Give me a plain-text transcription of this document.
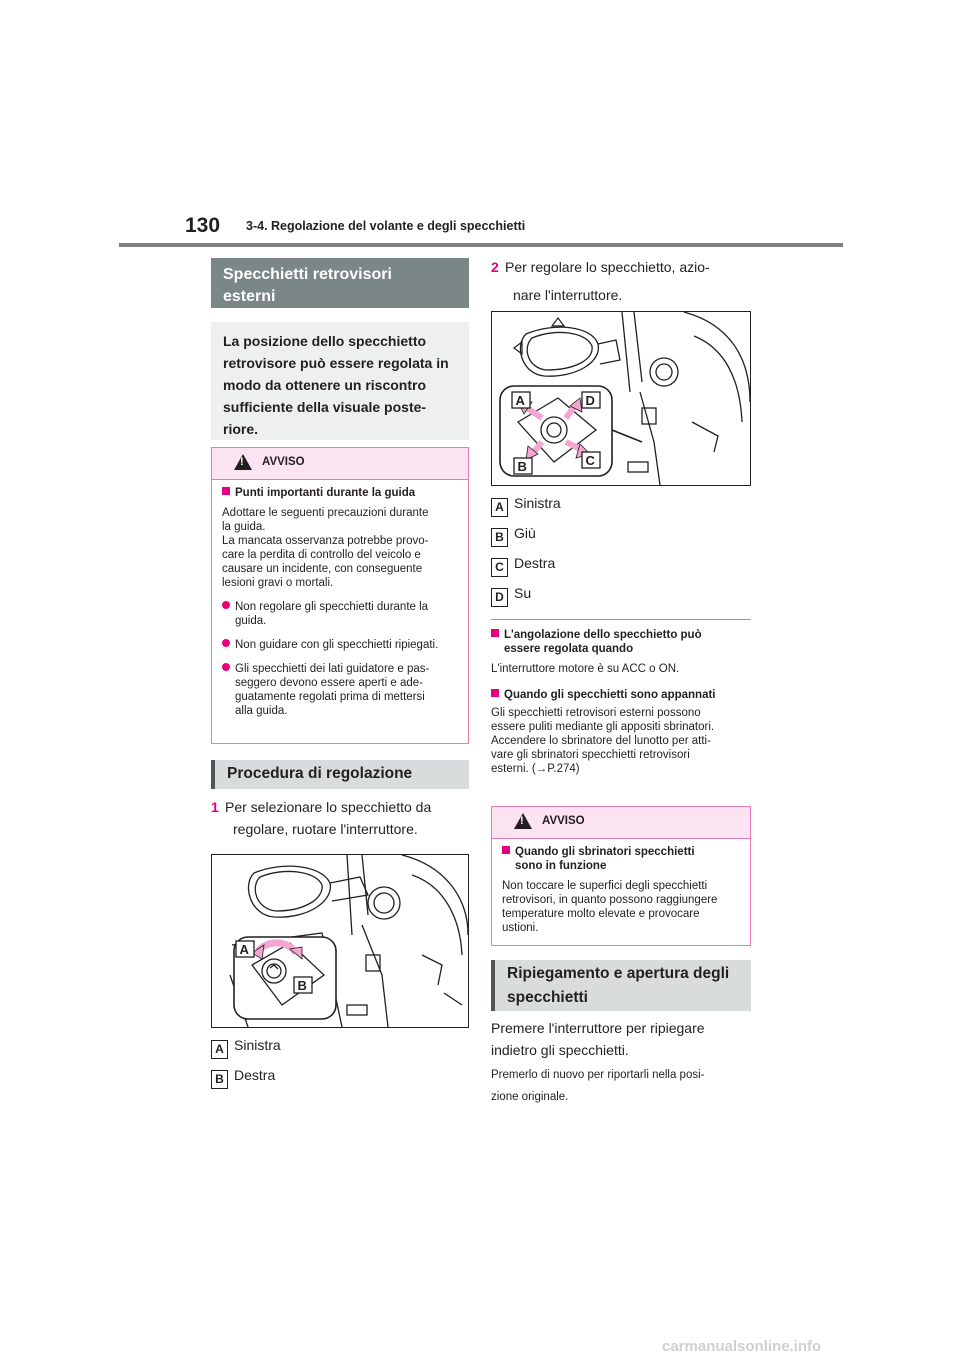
130 3-4. Regolazione del volante e degli specchietti
Specchietti retrovisori
esterni
La posizione dello specchietto
retrovisore può essere regolata in
modo da ottenere un riscontro
sufficiente della visuale poste-
riore.
!
AVVISO
Punti importanti durante la guida
Adottare le seguenti precauzioni durante
la guida.
La mancata osservanza potrebbe provo-
care la perdita di controllo del veicolo e
causare un incidente, con conseguente
lesioni gravi o mortali.
Non regolare gli specchietti durante la
guida.
Non guidare con gli specchietti ripiegati.
Gli specchietti dei lati guidatore e pas-
seggero devono essere aperti e ade-
guatamente regolati prima di mettersi
alla guida.
Procedura di regolazione
1 Per selezionare lo specchietto da
regolare, ruotare l'interruttore.
A
B
A Sinistra
B Destra
2 Per regolare lo specchietto, azio-
nare l'interruttore.
A	D
B	C
A Sinistra
B Giù
C Destra
D Su
L'angolazione dello specchietto può
essere regolata quando
L'interruttore motore è su ACC o ON.
Quando gli specchietti sono appannati
Gli specchietti retrovisori esterni possono
essere puliti mediante gli appositi sbrinatori.
Accendere lo sbrinatore del lunotto per atti-
vare gli sbrinatori specchietti retrovisori
esterni. (→P.274)
!
AVVISO
Quando gli sbrinatori specchietti
sono in funzione
Non toccare le superfici degli specchietti
retrovisori, in quanto possono raggiungere
temperature molto elevate e provocare
ustioni.
Ripiegamento e apertura degli
specchietti
Premere l'interruttore per ripiegare
indietro gli specchietti.
Premerlo di nuovo per riportarli nella posi-
zione originale.
carmanualsonline.info
